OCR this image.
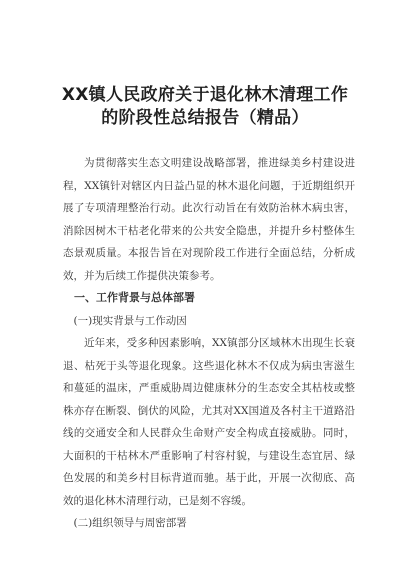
XX镇人民政府关于退化林木清理工作
的阶段性总结报告（精品）

为贯彻落实生态文明建设战略部署，推进绿美乡村建设进程，XX镇针对辖区内日益凸显的林木退化问题，于近期组织开展了专项清理整治行动。此次行动旨在有效防治林木病虫害，消除因树木干枯老化带来的公共安全隐患，并提升乡村整体生态景观质量。本报告旨在对现阶段工作进行全面总结，分析成效，并为后续工作提供决策参考。

一、工作背景与总体部署

(一)现实背景与工作动因

近年来，受多种因素影响，XX镇部分区域林木出现生长衰退、枯死于头等退化现象。这些退化林木不仅成为病虫害滋生和蔓延的温床，严重威胁周边健康林分的生态安全其枯枝或整株亦存在断裂、倒伏的风险，尤其对XX国道及各村主干道路沿线的交通安全和人民群众生命财产安全构成直接威胁。同时，大面积的干枯林木严重影响了村容村貌，与建设生态宜居、绿色发展的和美乡村目标背道而驰。基于此，开展一次彻底、高效的退化林木清理行动，已是刻不容缓。

(二)组织领导与周密部署
